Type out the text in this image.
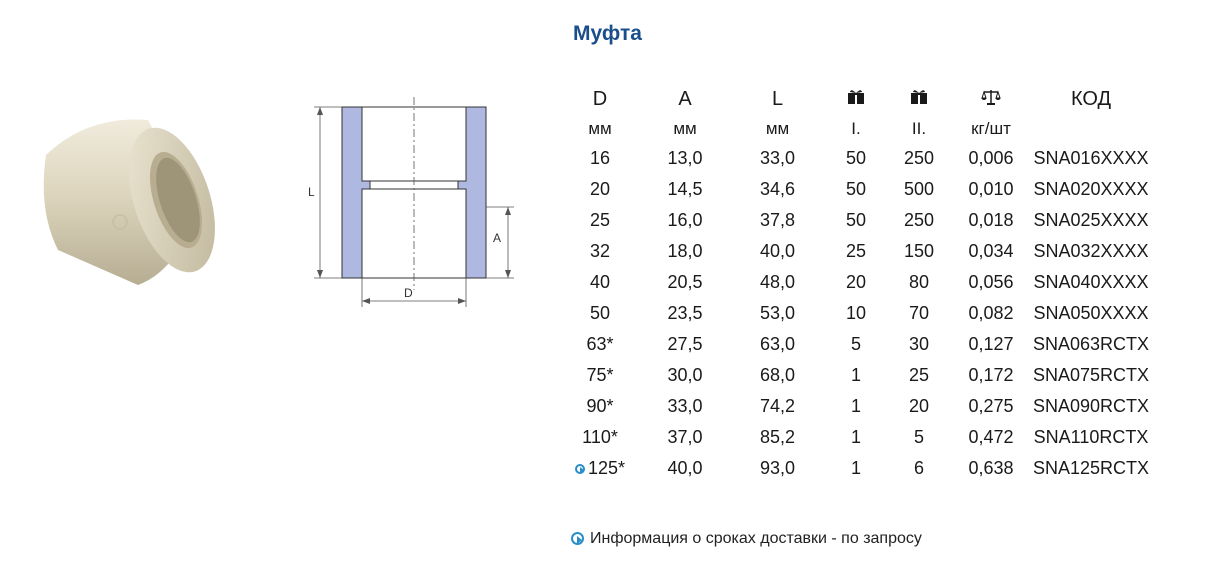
Муфта
L
A
D
D	A	L				КОД
мм	мм	мм	I.	II.	кг/шт	
16	13,0	33,0	50	250	0,006	SNA016XXXX
20	14,5	34,6	50	500	0,010	SNA020XXXX
25	16,0	37,8	50	250	0,018	SNA025XXXX
32	18,0	40,0	25	150	0,034	SNA032XXXX
40	20,5	48,0	20	80	0,056	SNA040XXXX
50	23,5	53,0	10	70	0,082	SNA050XXXX
63*	27,5	63,0	5	30	0,127	SNA063RCTX
75*	30,0	68,0	1	25	0,172	SNA075RCTX
90*	33,0	74,2	1	20	0,275	SNA090RCTX
110*	37,0	85,2	1	5	0,472	SNA110RCTX
125*	40,0	93,0	1	6	0,638	SNA125RCTX
Информация о сроках доставки - по запросу
